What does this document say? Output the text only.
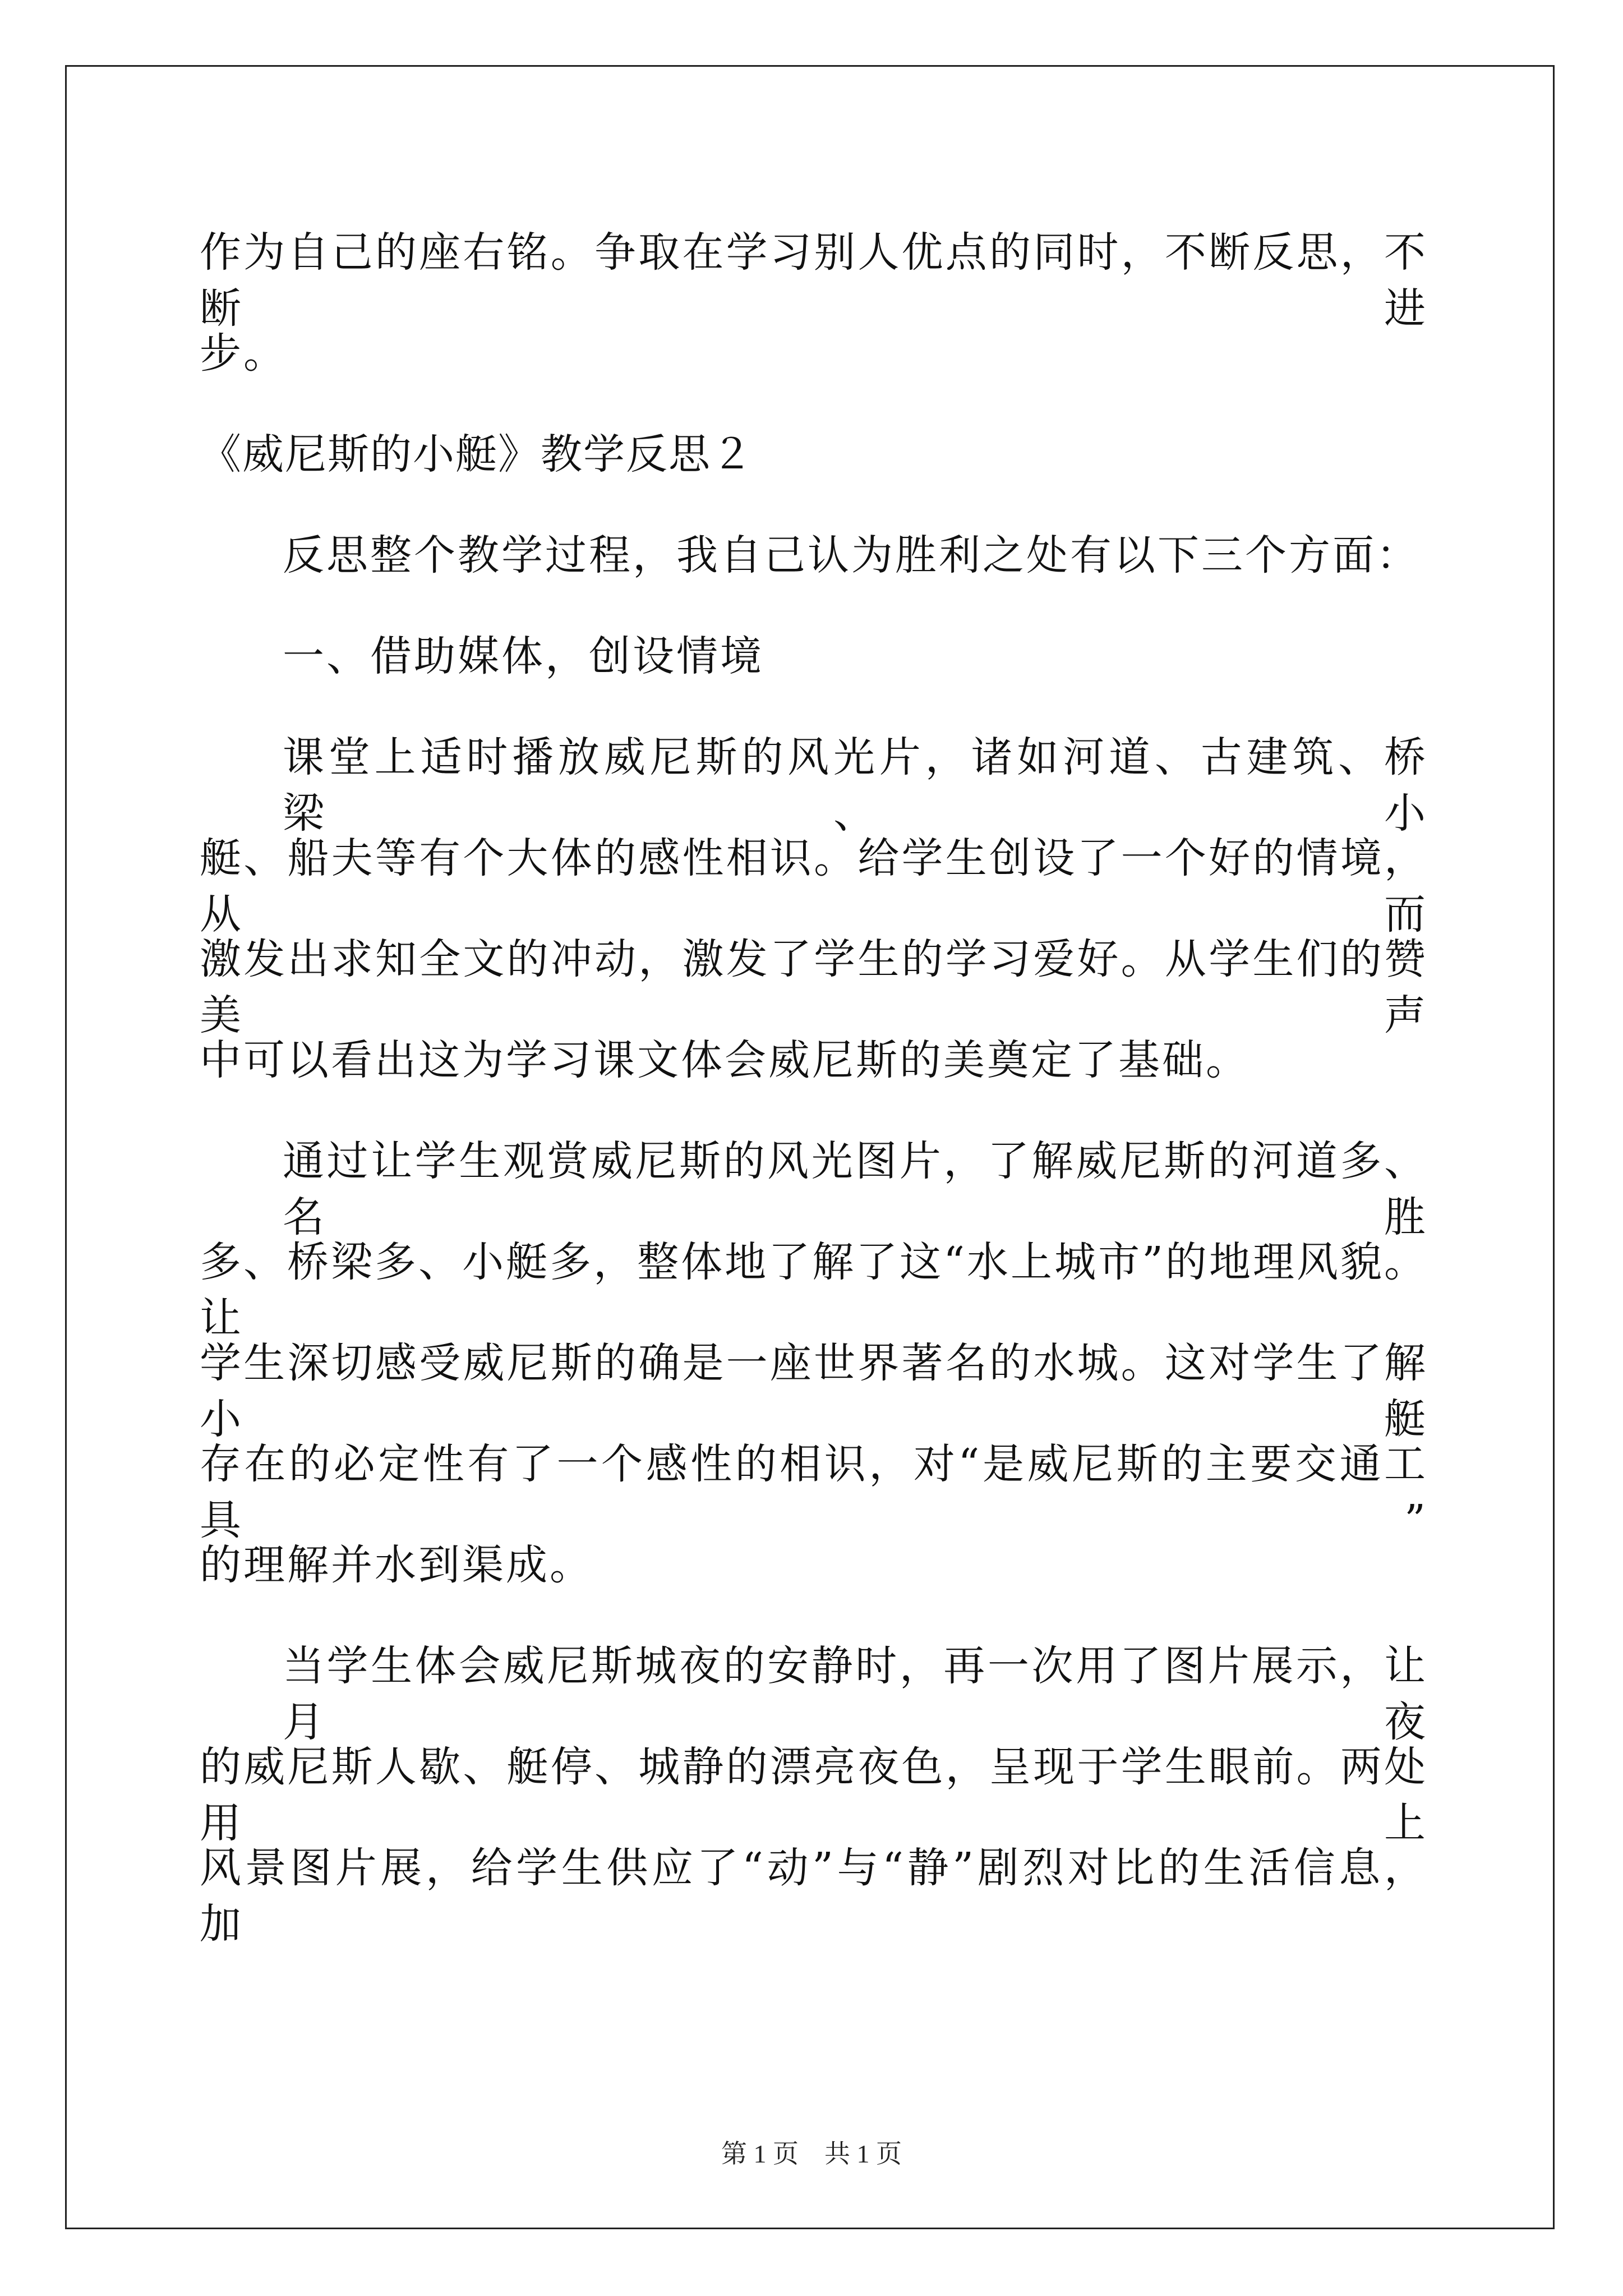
作为自己的座右铭。争取在学习别人优点的同时，不断反思，不断进
步。
《威尼斯的小艇》教学反思２
反思整个教学过程，我自己认为胜利之处有以下三个方面：
一、借助媒体，创设情境
课堂上适时播放威尼斯的风光片，诸如河道、古建筑、桥梁、小
艇、船夫等有个大体的感性相识。给学生创设了一个好的情境，从而
激发出求知全文的冲动，激发了学生的学习爱好。从学生们的赞美声
中可以看出这为学习课文体会威尼斯的美奠定了基础。
通过让学生观赏威尼斯的风光图片，了解威尼斯的河道多、名胜
多、桥梁多、小艇多，整体地了解了这“水上城市”的地理风貌。让
学生深切感受威尼斯的确是一座世界著名的水城。这对学生了解小艇
存在的必定性有了一个感性的相识，对“是威尼斯的主要交通工具”
的理解并水到渠成。
当学生体会威尼斯城夜的安静时，再一次用了图片展示，让月夜
的威尼斯人歇、艇停、城静的漂亮夜色，呈现于学生眼前。两处用上
风景图片展，给学生供应了“动”与“静”剧烈对比的生活信息，加
第 1 页　共 1 页
